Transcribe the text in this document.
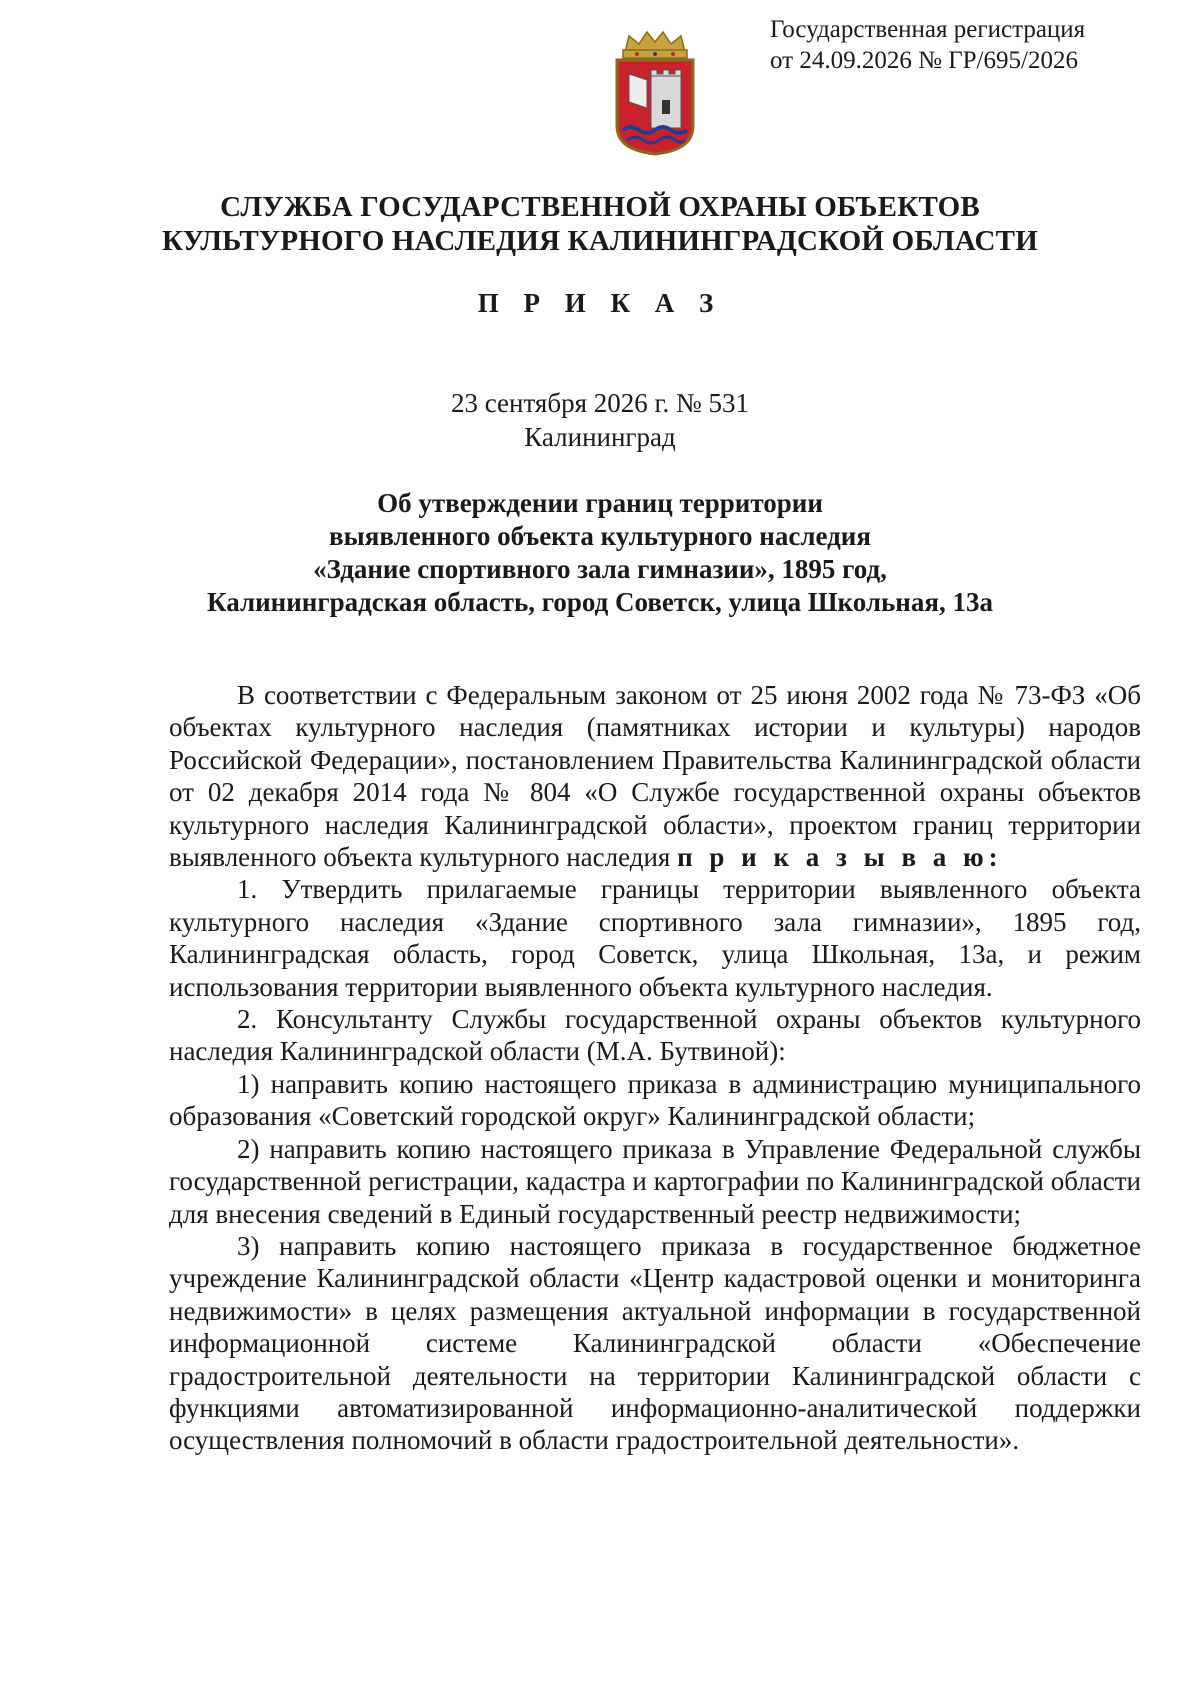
Государственная регистрация
от 24.09.2026 № ГР/695/2026
СЛУЖБА ГОСУДАРСТВЕННОЙ ОХРАНЫ ОБЪЕКТОВ
КУЛЬТУРНОГО НАСЛЕДИЯ КАЛИНИНГРАДСКОЙ ОБЛАСТИ
П Р И К А З
23 сентября 2026 г. № 531
Калининград
Об утверждении границ территории
выявленного объекта культурного наследия
«Здание спортивного зала гимназии», 1895 год,
Калининградская область, город Советск, улица Школьная, 13а

В соответствии с Федеральным законом от 25 июня 2002 года № 73-ФЗ «Об объектах культурного наследия (памятниках истории и культуры) народов Российской Федерации», постановлением Правительства Калининградской области от 02 декабря 2014 года № 804 «О Службе государственной охраны объектов культурного наследия Калининградской области», проектом границ территории выявленного объекта культурного наследия п р и к а з ы в а ю:

1. Утвердить прилагаемые границы территории выявленного объекта культурного наследия «Здание спортивного зала гимназии», 1895 год, Калининградская область, город Советск, улица Школьная, 13а, и режим использования территории выявленного объекта культурного наследия.

2. Консультанту Службы государственной охраны объектов культурного наследия Калининградской области (М.А. Бутвиной):

1) направить копию настоящего приказа в администрацию муниципального образования «Советский городской округ» Калининградской области;

2) направить копию настоящего приказа в Управление Федеральной службы государственной регистрации, кадастра и картографии по Калининградской области для внесения сведений в Единый государственный реестр недвижимости;

3) направить копию настоящего приказа в государственное бюджетное учреждение Калининградской области «Центр кадастровой оценки и мониторинга недвижимости» в целях размещения актуальной информации в государственной информационной системе Калининградской области «Обеспечение градостроительной деятельности на территории Калининградской области с функциями автоматизированной информационно-аналитической поддержки осуществления полномочий в области градостроительной деятельности».
